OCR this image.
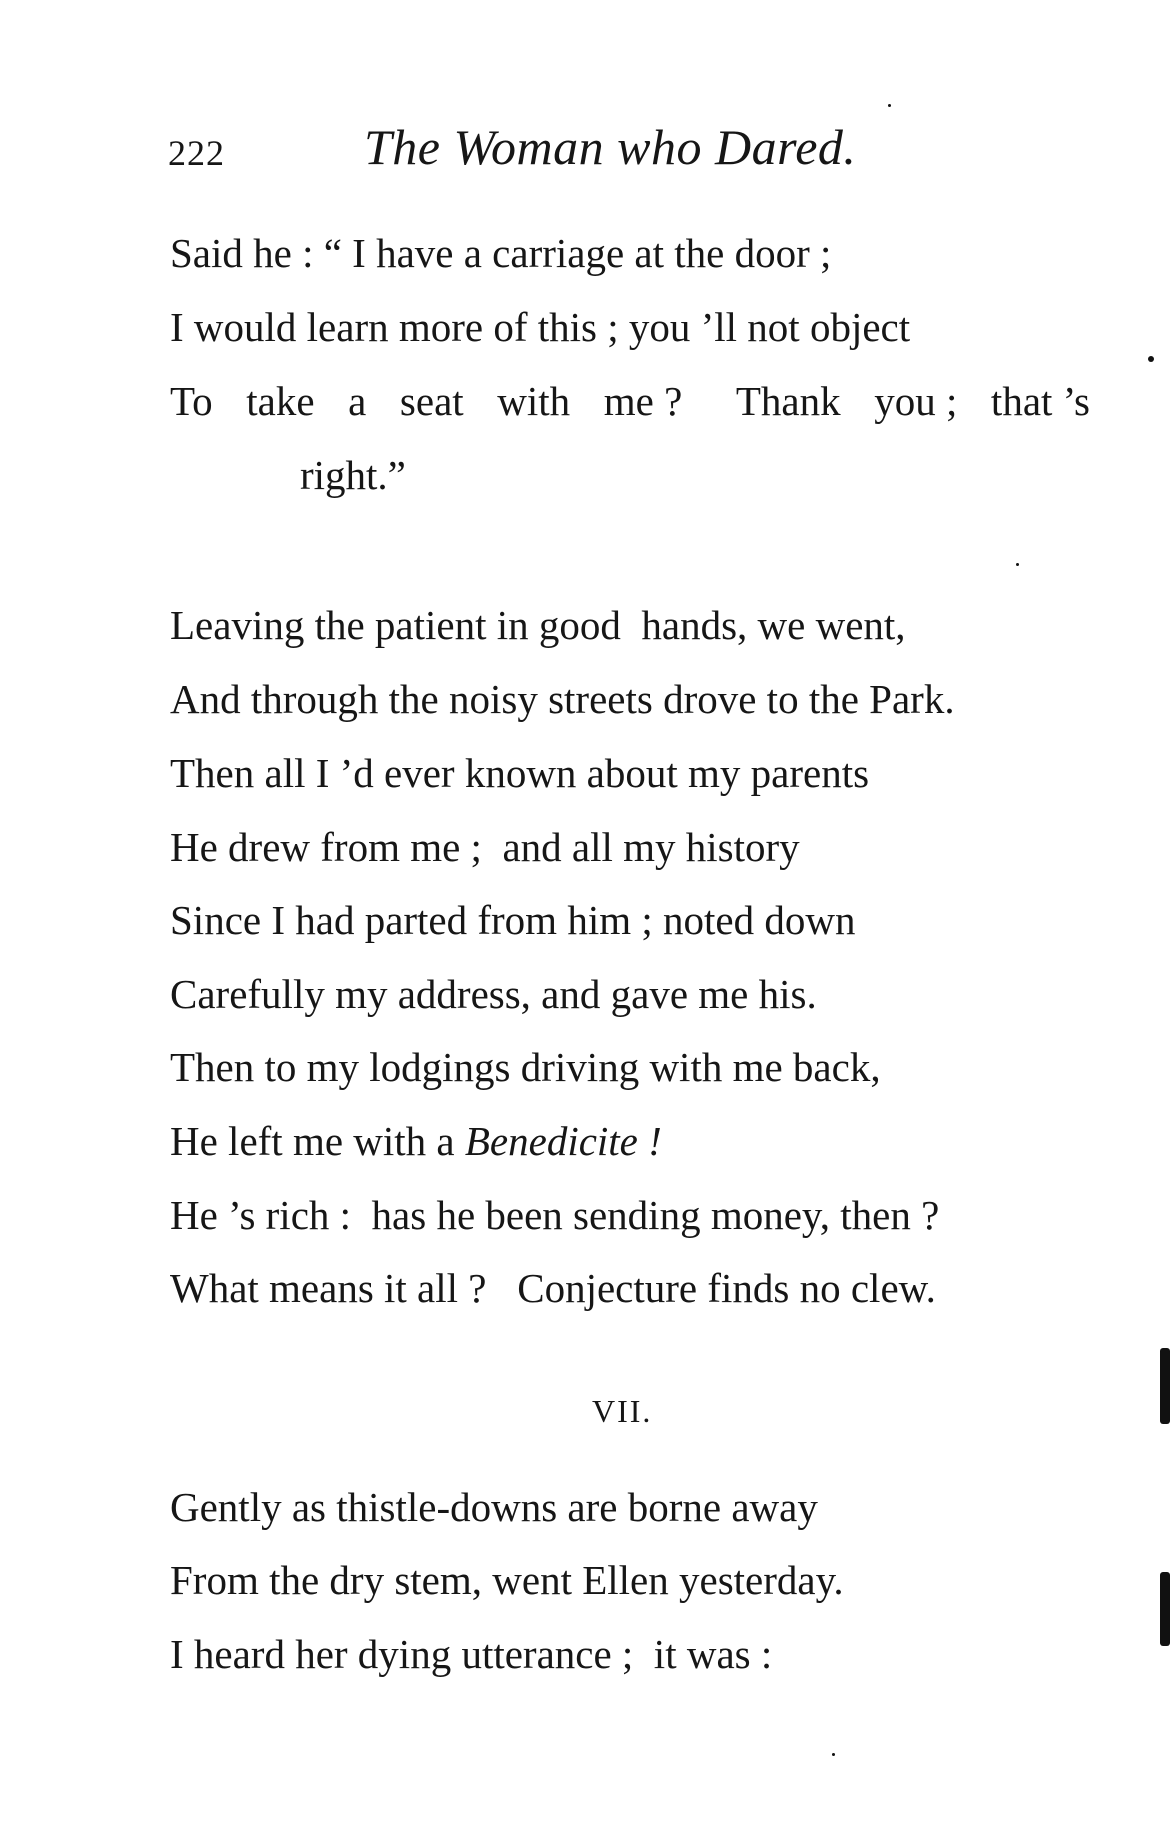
222	The Woman who Dared.
Said he : “ I have a carriage at the door ;
I would learn more of this ; you ’ll not object
To take a seat with me ? Thank you ; that ’s
right.”
Leaving the patient in good  hands, we went,
And through the noisy streets drove to the Park.
Then all I ’d ever known about my parents
He drew from me ;  and all my history
Since I had parted from him ; noted down
Carefully my address, and gave me his.
Then to my lodgings driving with me back,
He left me with a Benedicite !
He ’s rich :  has he been sending money, then ?
What means it all ?   Conjecture finds no clew.
VII.
Gently as thistle-downs are borne away
From the dry stem, went Ellen yesterday.
I heard her dying utterance ;  it was :
